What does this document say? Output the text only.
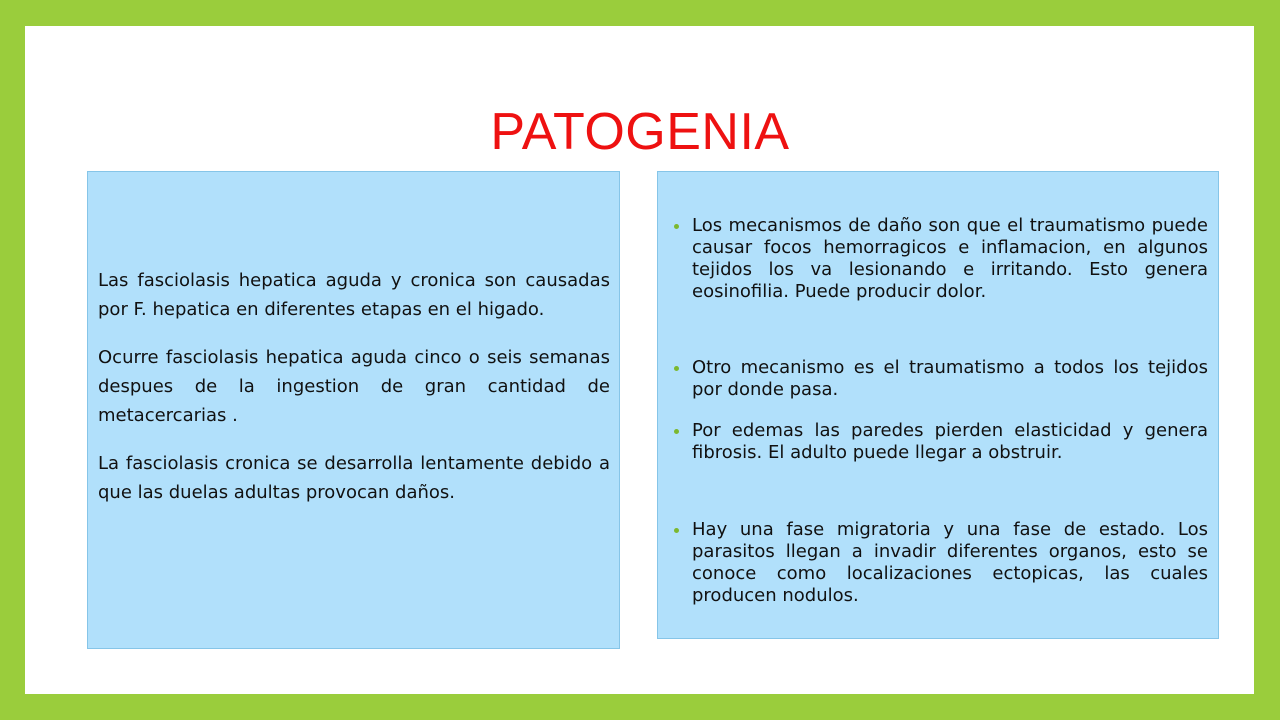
PATOGENIA

Las fasciolasis hepatica aguda y cronica son causadas por F. hepatica en diferentes etapas en el higado.

Ocurre fasciolasis hepatica aguda cinco o seis semanas despues de la ingestion de gran cantidad de metacercarias .

La fasciolasis cronica se desarrolla lentamente debido a que las duelas adultas provocan daños.

Los mecanismos de daño son que el traumatismo puede causar focos hemorragicos e inflamacion, en algunos tejidos los va lesionando e irritando. Esto genera eosinofilia. Puede producir dolor.
Otro mecanismo es el traumatismo a todos los tejidos por donde pasa.
Por edemas las paredes pierden elasticidad y genera fibrosis. El adulto puede llegar a obstruir.
Hay una fase migratoria y una fase de estado. Los parasitos llegan a invadir diferentes organos, esto se conoce como localizaciones ectopicas, las cuales producen nodulos.
